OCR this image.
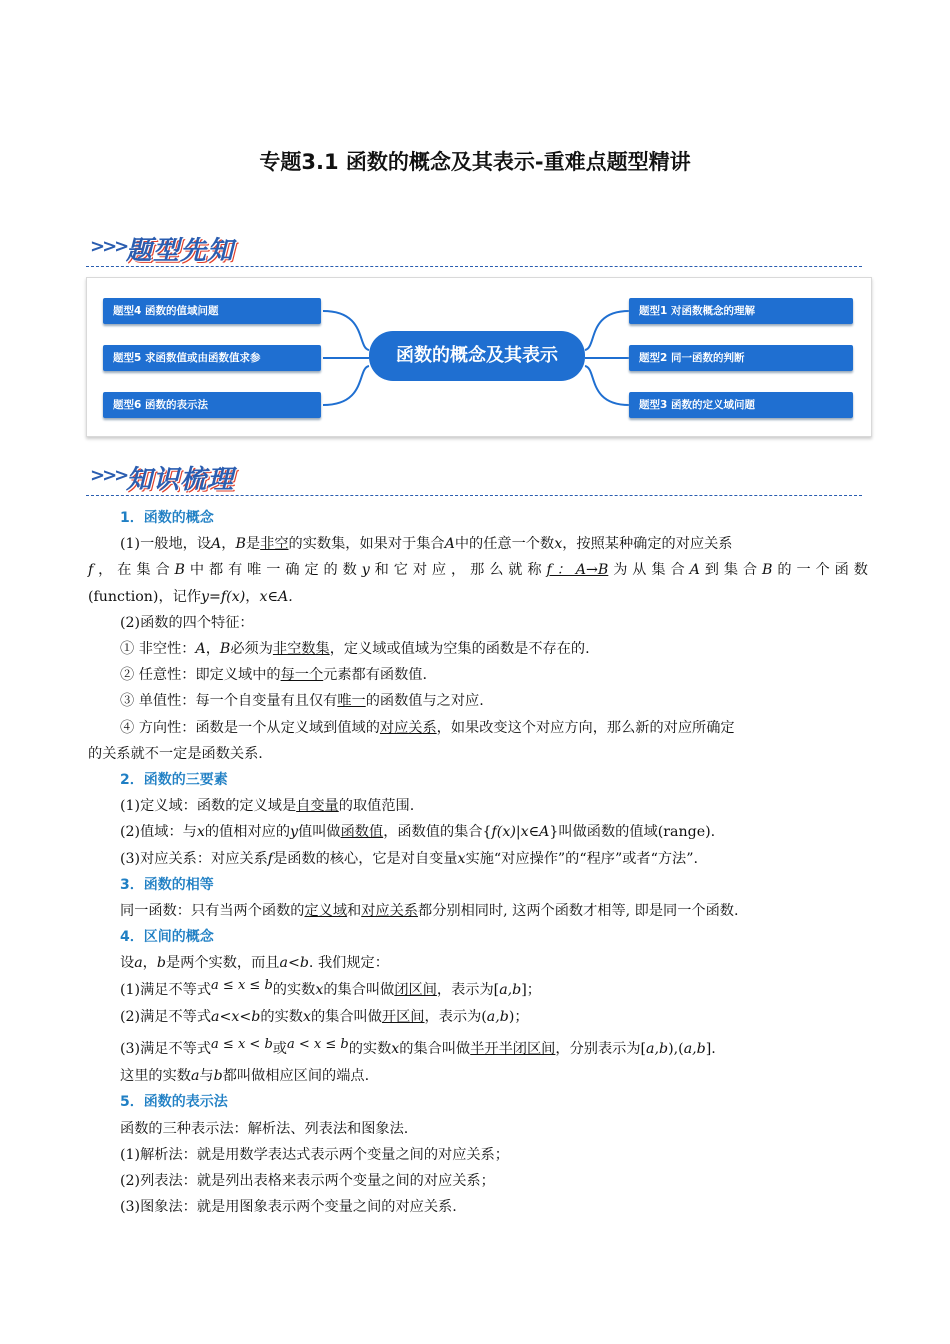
专题3.1 函数的概念及其表示-重难点题型精讲
>>> 题型先知
题型4 函数的值域问题
题型5 求函数值或由函数值求参
题型6 函数的表示法
函数的概念及其表示
题型1 对函数概念的理解
题型2 同一函数的判断
题型3 函数的定义域问题
>>> 知识梳理

1．函数的概念

(1)一般地，设A，B是非空的实数集，如果对于集合A中的任意一个数x，按照某种确定的对应关系

f，在集合B中都有唯一确定的数y和它对应，那么就称f：A→B为从集合A到集合B的一个函数

(function)，记作y=f(x)，x∈A.

(2)函数的四个特征：

① 非空性：A，B必须为非空数集，定义域或值域为空集的函数是不存在的.

② 任意性：即定义域中的每一个元素都有函数值.

③ 单值性：每一个自变量有且仅有唯一的函数值与之对应.

④ 方向性：函数是一个从定义域到值域的对应关系，如果改变这个对应方向，那么新的对应所确定

的关系就不一定是函数关系.

2．函数的三要素

(1)定义域：函数的定义域是自变量的取值范围.

(2)值域：与x的值相对应的y值叫做函数值，函数值的集合{f(x)|x∈A}叫做函数的值域(range).

(3)对应关系：对应关系f是函数的核心，它是对自变量x实施“对应操作”的“程序”或者“方法”.

3．函数的相等

同一函数：只有当两个函数的定义域和对应关系都分别相同时, 这两个函数才相等, 即是同一个函数.

4．区间的概念

设a，b是两个实数，而且a<b. 我们规定：

(1)满足不等式a ≤ x ≤ b的实数x的集合叫做闭区间，表示为[a,b]；

(2)满足不等式a<x<b的实数x的集合叫做开区间，表示为(a,b)；

(3)满足不等式a ≤ x < b或a < x ≤ b的实数x的集合叫做半开半闭区间，分别表示为[a,b),(a,b].

这里的实数a与b都叫做相应区间的端点.

5．函数的表示法

函数的三种表示法：解析法、列表法和图象法.

(1)解析法：就是用数学表达式表示两个变量之间的对应关系；

(2)列表法：就是列出表格来表示两个变量之间的对应关系；

(3)图象法：就是用图象表示两个变量之间的对应关系.
